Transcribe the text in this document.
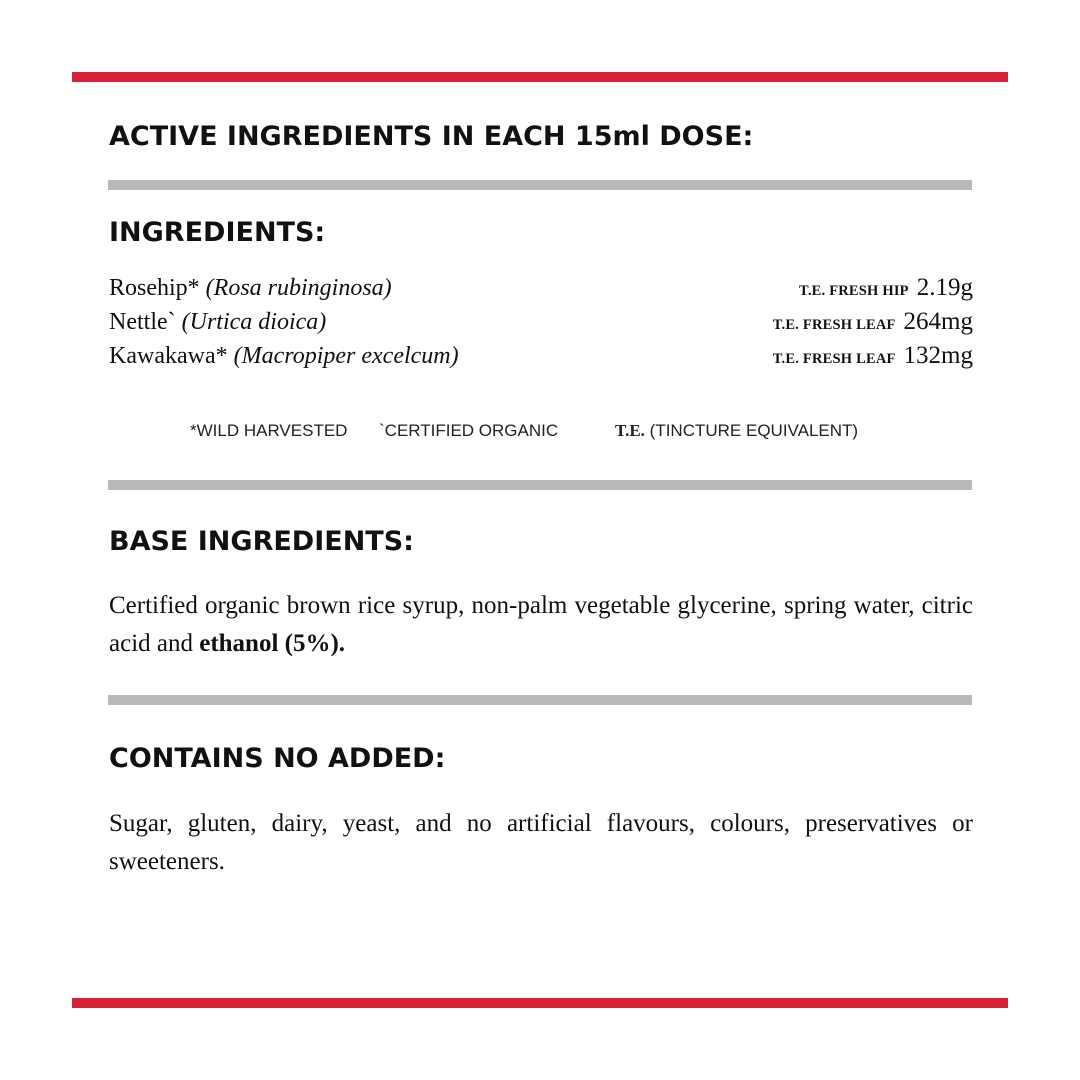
ACTIVE INGREDIENTS IN EACH 15ml DOSE:
INGREDIENTS:
Rosehip* (Rosa rubinginosa)	T.E. FRESH HIP 2.19g
Nettle` (Urtica dioica)	T.E. FRESH LEAF 264mg
Kawakawa* (Macropiper excelcum)	T.E. FRESH LEAF 132mg
*WILD HARVESTED `CERTIFIED ORGANIC	T.E. (TINCTURE EQUIVALENT)
BASE INGREDIENTS:

Certified organic brown rice syrup, non-palm vegetable glycerine, spring water, citric acid and ethanol (5%).

CONTAINS NO ADDED:

Sugar, gluten, dairy, yeast, and no artificial flavours, colours, preservatives or sweeteners.
